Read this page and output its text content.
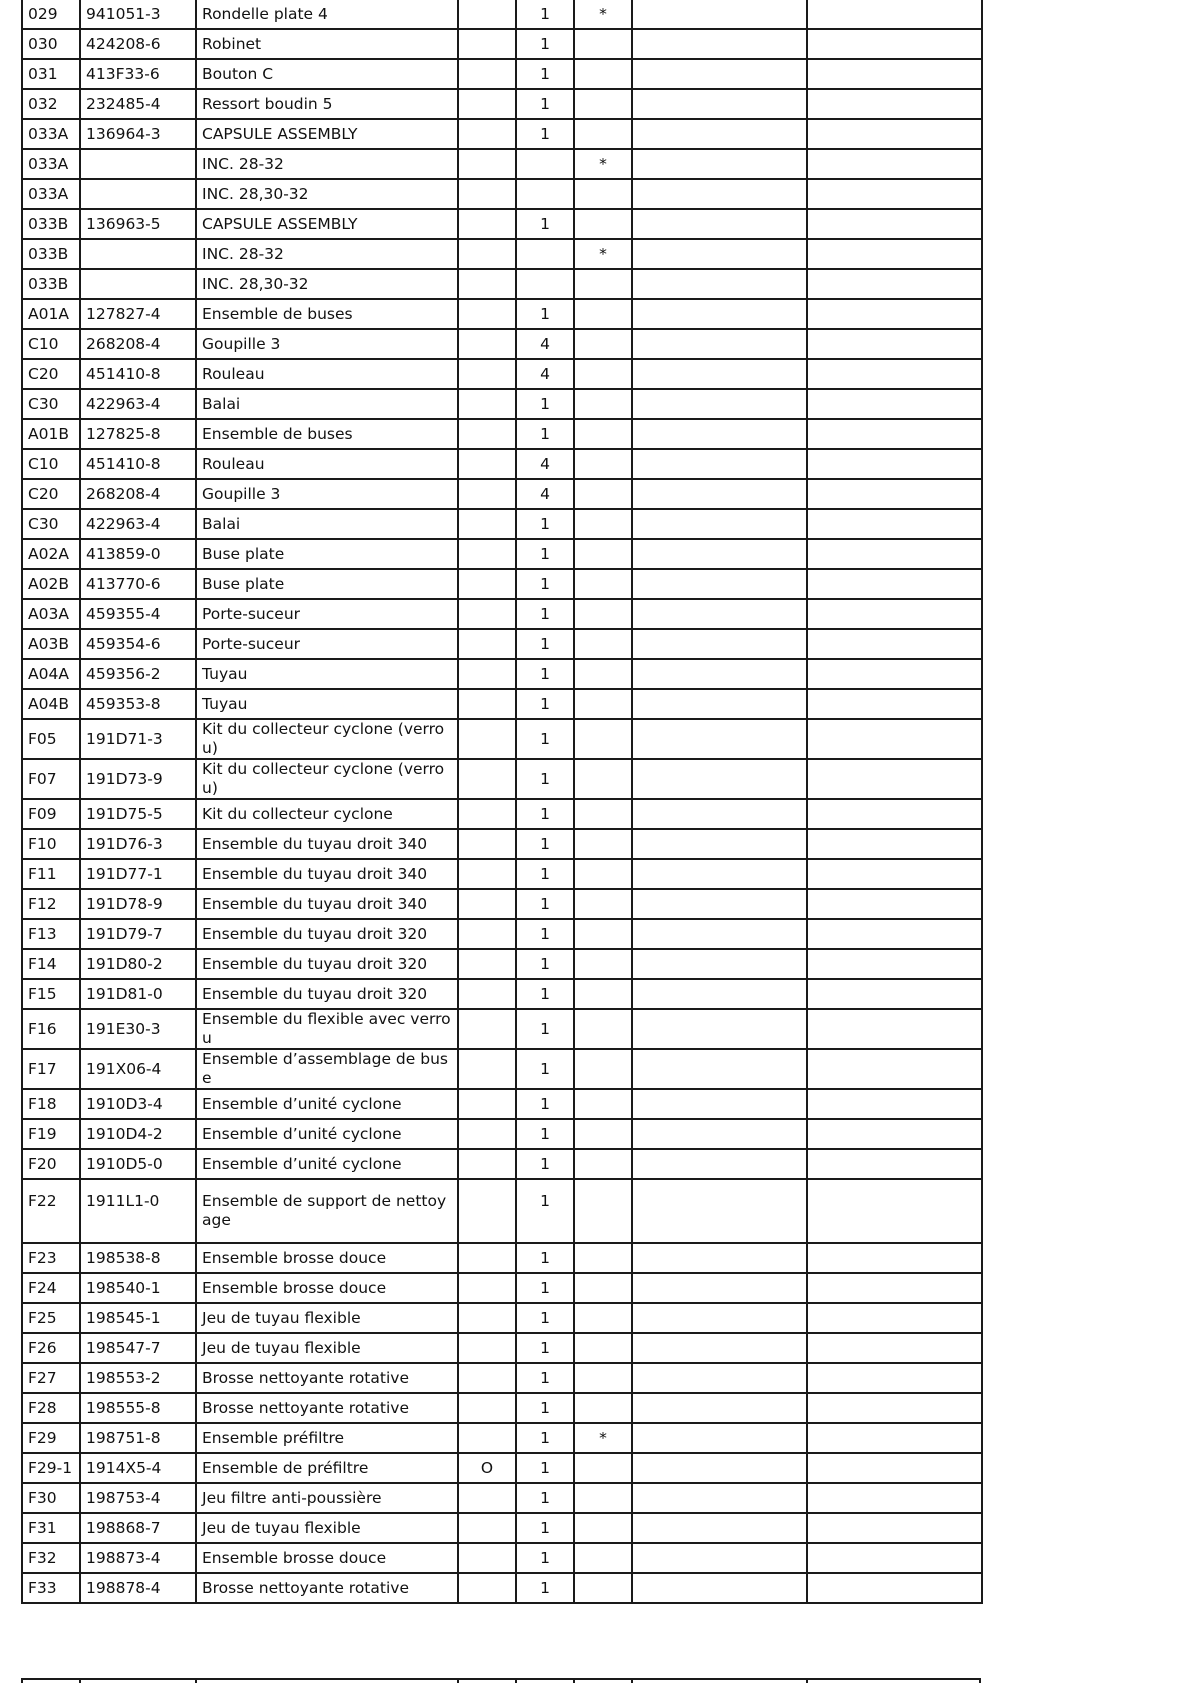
029	941051-3	Rondelle plate 4		1	*		
030	424208-6	Robinet		1			
031	413F33-6	Bouton C		1			
032	232485-4	Ressort boudin 5		1			
033A	136964-3	CAPSULE ASSEMBLY		1			
033A		INC. 28-32			*		
033A		INC. 28,30-32					
033B	136963-5	CAPSULE ASSEMBLY		1			
033B		INC. 28-32			*		
033B		INC. 28,30-32					
A01A	127827-4	Ensemble de buses		1			
C10	268208-4	Goupille 3		4			
C20	451410-8	Rouleau		4			
C30	422963-4	Balai		1			
A01B	127825-8	Ensemble de buses		1			
C10	451410-8	Rouleau		4			
C20	268208-4	Goupille 3		4			
C30	422963-4	Balai		1			
A02A	413859-0	Buse plate		1			
A02B	413770-6	Buse plate		1			
A03A	459355-4	Porte-suceur		1			
A03B	459354-6	Porte-suceur		1			
A04A	459356-2	Tuyau		1			
A04B	459353-8	Tuyau		1			
F05	191D71-3	Kit du collecteur cyclone (verrou)		1			
F07	191D73-9	Kit du collecteur cyclone (verrou)		1			
F09	191D75-5	Kit du collecteur cyclone		1			
F10	191D76-3	Ensemble du tuyau droit 340		1			
F11	191D77-1	Ensemble du tuyau droit 340		1			
F12	191D78-9	Ensemble du tuyau droit 340		1			
F13	191D79-7	Ensemble du tuyau droit 320		1			
F14	191D80-2	Ensemble du tuyau droit 320		1			
F15	191D81-0	Ensemble du tuyau droit 320		1			
F16	191E30-3	Ensemble du flexible avec verrou		1			
F17	191X06-4	Ensemble d’assemblage de buse		1			
F18	1910D3-4	Ensemble d’unité cyclone		1			
F19	1910D4-2	Ensemble d’unité cyclone		1			
F20	1910D5-0	Ensemble d’unité cyclone		1			
F22	1911L1-0	Ensemble de support de nettoyage		1			
F23	198538-8	Ensemble brosse douce		1			
F24	198540-1	Ensemble brosse douce		1			
F25	198545-1	Jeu de tuyau flexible		1			
F26	198547-7	Jeu de tuyau flexible		1			
F27	198553-2	Brosse nettoyante rotative		1			
F28	198555-8	Brosse nettoyante rotative		1			
F29	198751-8	Ensemble préfiltre		1	*		
F29-1	1914X5-4	Ensemble de préfiltre	O	1			
F30	198753-4	Jeu filtre anti-poussière		1			
F31	198868-7	Jeu de tuyau flexible		1			
F32	198873-4	Ensemble brosse douce		1			
F33	198878-4	Brosse nettoyante rotative		1			
